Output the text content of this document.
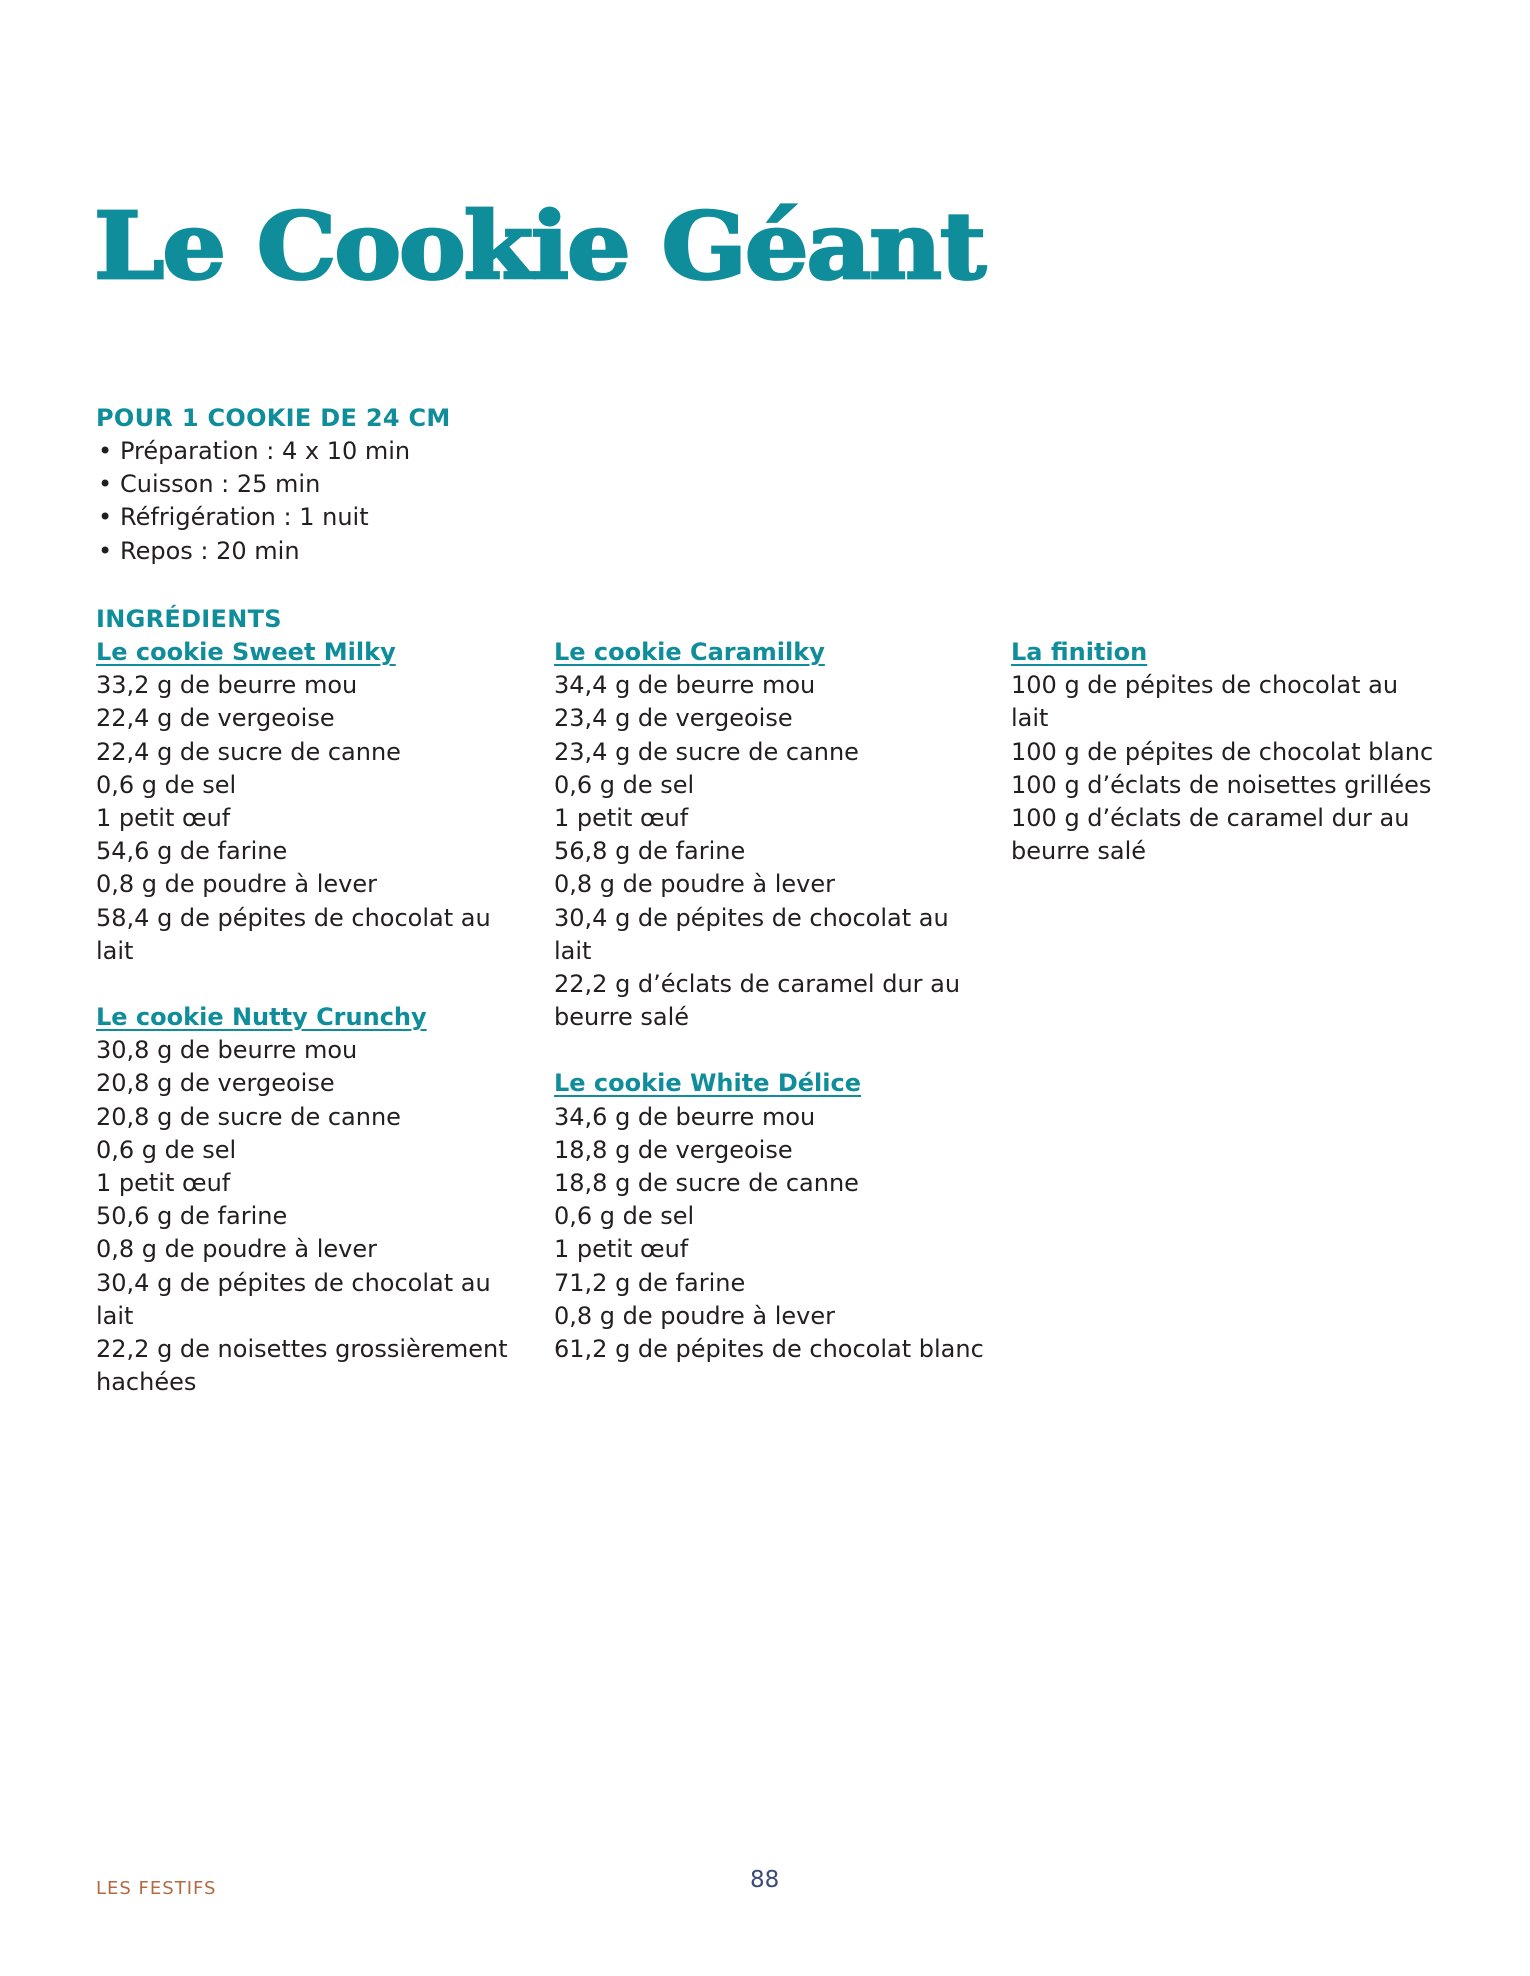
Le Cookie Géant

POUR 1 COOKIE DE 24 CM

• Préparation : 4 x 10 min
• Cuisson : 25 min
• Réfrigération : 1 nuit
• Repos : 20 min

INGRÉDIENTS

Le cookie Sweet Milky
33,2 g de beurre mou
22,4 g de vergeoise
22,4 g de sucre de canne
0,6 g de sel
1 petit œuf
54,6 g de farine
0,8 g de poudre à lever
58,4 g de pépites de chocolat au lait
Le cookie Nutty Crunchy
30,8 g de beurre mou
20,8 g de vergeoise
20,8 g de sucre de canne
0,6 g de sel
1 petit œuf
50,6 g de farine
0,8 g de poudre à lever
30,4 g de pépites de chocolat au lait
22,2 g de noisettes grossièrement hachées
Le cookie Caramilky
34,4 g de beurre mou
23,4 g de vergeoise
23,4 g de sucre de canne
0,6 g de sel
1 petit œuf
56,8 g de farine
0,8 g de poudre à lever
30,4 g de pépites de chocolat au lait
22,2 g d’éclats de caramel dur au beurre salé
Le cookie White Délice
34,6 g de beurre mou
18,8 g de vergeoise
18,8 g de sucre de canne
0,6 g de sel
1 petit œuf
71,2 g de farine
0,8 g de poudre à lever
61,2 g de pépites de chocolat blanc
La finition
100 g de pépites de chocolat au lait
100 g de pépites de chocolat blanc
100 g d’éclats de noisettes grillées
100 g d’éclats de caramel dur au beurre salé
LES FESTIFS	88
